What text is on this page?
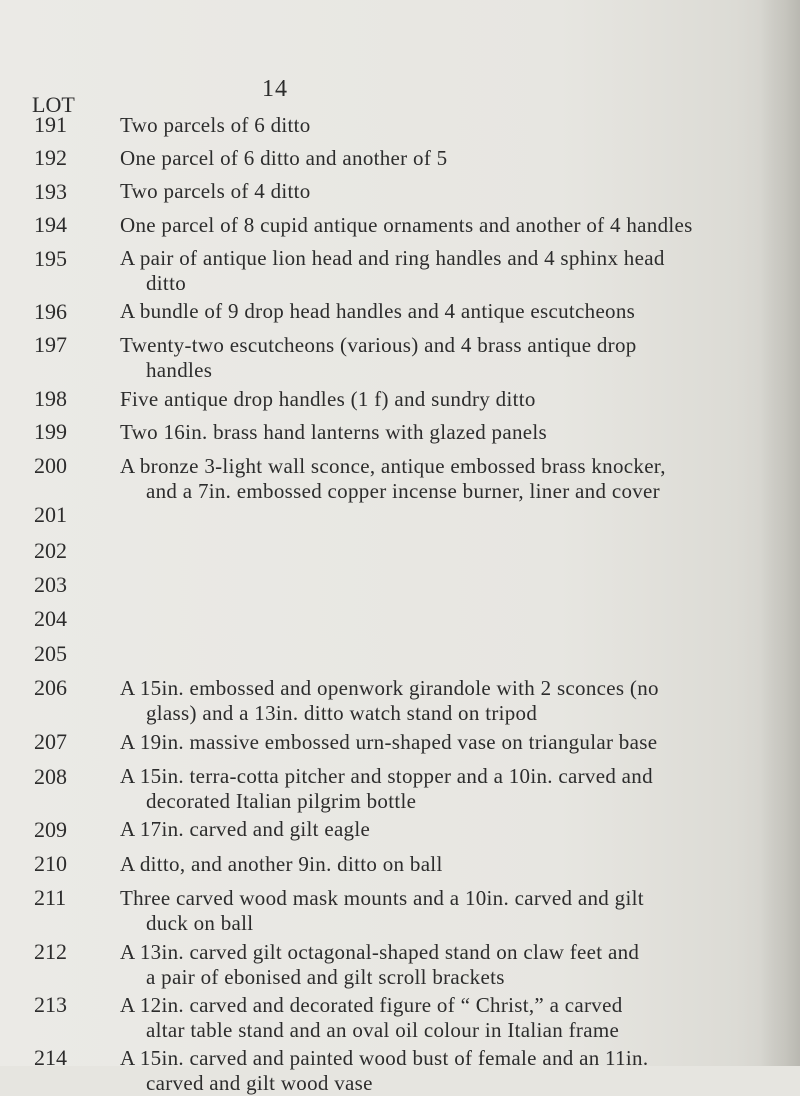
14
LOT
191
192
193
194
195
196
197
198
199
200
201
202
203
204
205
206
207
208
209
210
211
212
213
214
Two parcels of 6 ditto
One parcel of 6 ditto and another of 5
Two parcels of 4 ditto
One parcel of 8 cupid antique ornaments and another of 4 handles
A pair of antique lion head and ring handles and 4 sphinx head
ditto
A bundle of 9 drop head handles and 4 antique escutcheons
Twenty-two escutcheons (various) and 4 brass antique drop
handles
Five antique drop handles (1 f) and sundry ditto
Two 16in. brass hand lanterns with glazed panels
A bronze 3-light wall sconce, antique embossed brass knocker,
and a 7in. embossed copper incense burner, liner and cover
A 15in. embossed and openwork girandole with 2 sconces (no
glass) and a 13in. ditto watch stand on tripod
A 19in. massive embossed urn-shaped vase on triangular base
A 15in. terra-cotta pitcher and stopper and a 10in. carved and
decorated Italian pilgrim bottle
A 17in. carved and gilt eagle
A ditto, and another 9in. ditto on ball
Three carved wood mask mounts and a 10in. carved and gilt
duck on ball
A 13in. carved gilt octagonal-shaped stand on claw feet and
a pair of ebonised and gilt scroll brackets
A 12in. carved and decorated figure of “ Christ,” a carved
altar table stand and an oval oil colour in Italian frame
A 15in. carved and painted wood bust of female and an 11in.
carved and gilt wood vase
